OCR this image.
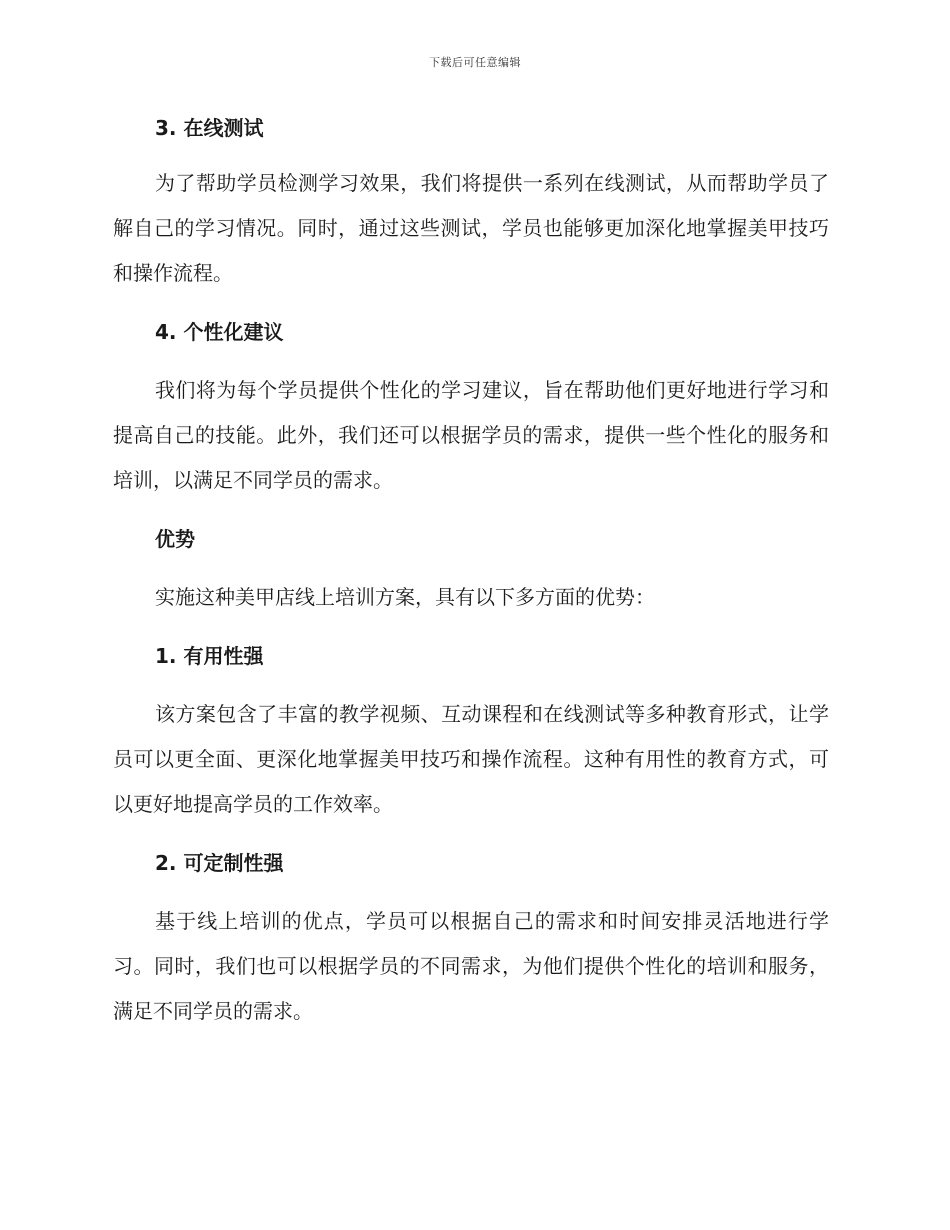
下载后可任意编辑
3. 在线测试

为了帮助学员检测学习效果，我们将提供一系列在线测试，从而帮助学员了解自己的学习情况。同时，通过这些测试，学员也能够更加深化地掌握美甲技巧和操作流程。

4. 个性化建议

我们将为每个学员提供个性化的学习建议，旨在帮助他们更好地进行学习和提高自己的技能。此外，我们还可以根据学员的需求，提供一些个性化的服务和培训，以满足不同学员的需求。

优势

实施这种美甲店线上培训方案，具有以下多方面的优势：

1. 有用性强

该方案包含了丰富的教学视频、互动课程和在线测试等多种教育形式，让学员可以更全面、更深化地掌握美甲技巧和操作流程。这种有用性的教育方式，可以更好地提高学员的工作效率。

2. 可定制性强

基于线上培训的优点，学员可以根据自己的需求和时间安排灵活地进行学习。同时，我们也可以根据学员的不同需求，为他们提供个性化的培训和服务，满足不同学员的需求。
